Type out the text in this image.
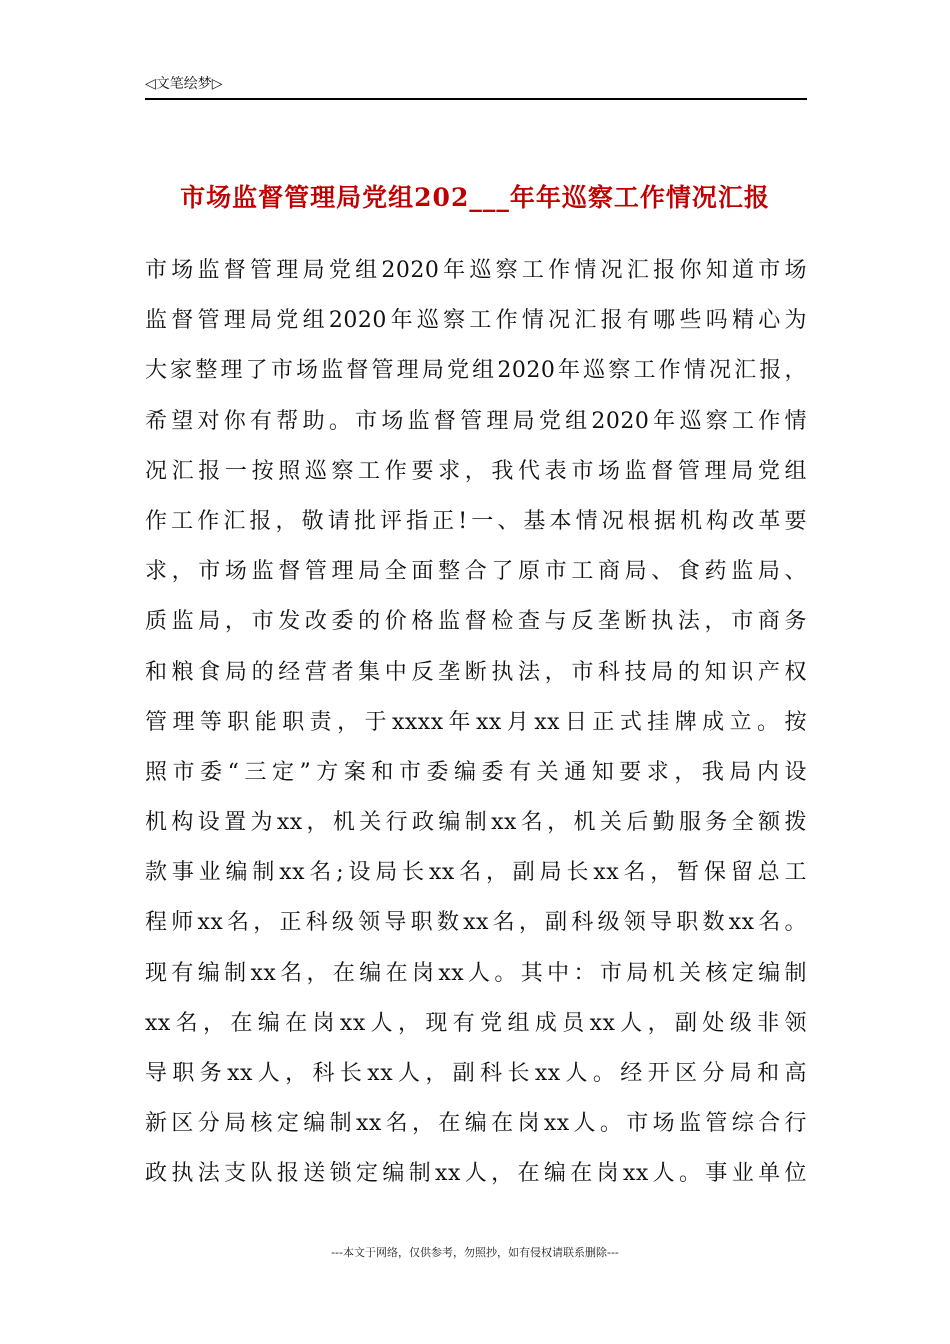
◁文笔绘梦▷
市场监督管理局党组202___年年巡察工作情况汇报
市场监督管理局党组2020年巡察工作情况汇报你知道市场
监督管理局党组2020年巡察工作情况汇报有哪些吗精心为
大家整理了市场监督管理局党组2020年巡察工作情况汇报，
希望对你有帮助。市场监督管理局党组2020年巡察工作情
况汇报一按照巡察工作要求，我代表市场监督管理局党组
作工作汇报，敬请批评指正!一、基本情况根据机构改革要
求，市场监督管理局全面整合了原市工商局、食药监局、
质监局，市发改委的价格监督检查与反垄断执法，市商务
和粮食局的经营者集中反垄断执法，市科技局的知识产权
管理等职能职责，于xxxx年xx月xx日正式挂牌成立。按
照市委“三定”方案和市委编委有关通知要求，我局内设
机构设置为xx，机关行政编制xx名，机关后勤服务全额拨
款事业编制xx名;设局长xx名，副局长xx名，暂保留总工
程师xx名，正科级领导职数xx名，副科级领导职数xx名。
现有编制xx名，在编在岗xx人。其中：市局机关核定编制
xx名，在编在岗xx人，现有党组成员xx人，副处级非领
导职务xx人，科长xx人，副科长xx人。经开区分局和高
新区分局核定编制xx名，在编在岗xx人。市场监管综合行
政执法支队报送锁定编制xx人，在编在岗xx人。事业单位
---本文于网络，仅供参考，勿照抄，如有侵权请联系删除---
